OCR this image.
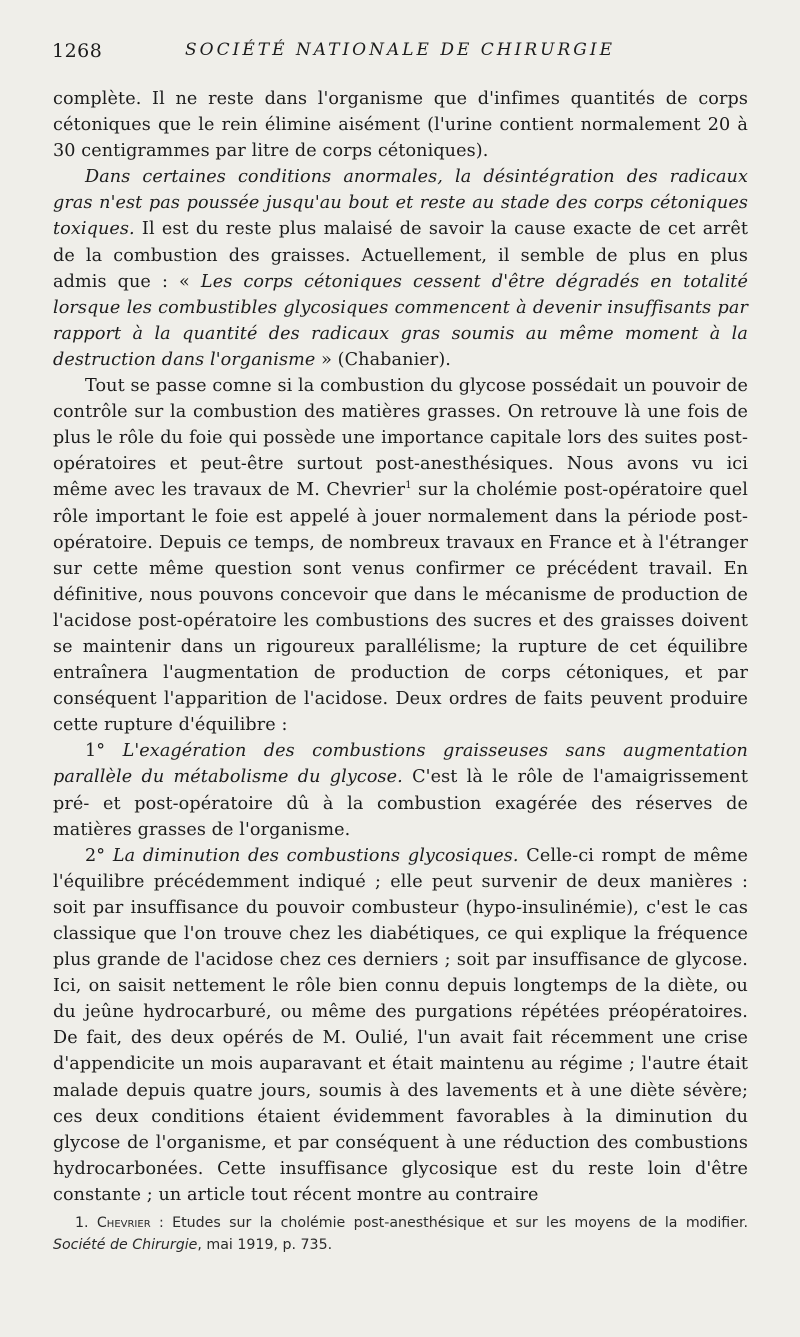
1268	SOCIÉTÉ NATIONALE DE CHIRURGIE

complète. Il ne reste dans l'organisme que d'infimes quantités de corps cétoniques que le rein élimine aisément (l'urine contient normalement 20 à 30 centigrammes par litre de corps cétoniques).

Dans certaines conditions anormales, la désintégration des radicaux gras n'est pas poussée jusqu'au bout et reste au stade des corps cétoniques toxiques. Il est du reste plus malaisé de savoir la cause exacte de cet arrêt de la combustion des graisses. Actuellement, il semble de plus en plus admis que : « Les corps cétoniques cessent d'être dégradés en totalité lorsque les combustibles glycosiques commencent à devenir insuffisants par rapport à la quantité des radicaux gras soumis au même moment à la destruction dans l'organisme » (Chabanier).

Tout se passe comne si la combustion du glycose possédait un pouvoir de contrôle sur la combustion des matières grasses. On retrouve là une fois de plus le rôle du foie qui possède une importance capitale lors des suites post-opératoires et peut-être surtout post-anesthésiques. Nous avons vu ici même avec les travaux de M. Chevrier$^1$ sur la cholémie post-opératoire quel rôle important le foie est appelé à jouer normalement dans la période post-opératoire. Depuis ce temps, de nombreux travaux en France et à l'étranger sur cette même question sont venus confirmer ce précédent travail. En définitive, nous pouvons concevoir que dans le mécanisme de production de l'acidose post-opératoire les combustions des sucres et des graisses doivent se maintenir dans un rigoureux parallélisme; la rupture de cet équilibre entraînera l'augmentation de production de corps cétoniques, et par conséquent l'apparition de l'acidose. Deux ordres de faits peuvent produire cette rupture d'équilibre :

1° L'exagération des combustions graisseuses sans augmentation parallèle du métabolisme du glycose. C'est là le rôle de l'amaigrissement pré- et post-opératoire dû à la combustion exagérée des réserves de matières grasses de l'organisme.

2° La diminution des combustions glycosiques. Celle-ci rompt de même l'équilibre précédemment indiqué ; elle peut survenir de deux manières : soit par insuffisance du pouvoir combusteur (hypo-insulinémie), c'est le cas classique que l'on trouve chez les diabétiques, ce qui explique la fréquence plus grande de l'acidose chez ces derniers ; soit par insuffisance de glycose. Ici, on saisit nettement le rôle bien connu depuis longtemps de la diète, ou du jeûne hydrocarburé, ou même des purgations répétées préopératoires. De fait, des deux opérés de M. Oulié, l'un avait fait récemment une crise d'appendicite un mois auparavant et était maintenu au régime ; l'autre était malade depuis quatre jours, soumis à des lavements et à une diète sévère; ces deux conditions étaient évidemment favorables à la diminution du glycose de l'organisme, et par conséquent à une réduction des combustions hydrocarbonées. Cette insuffisance glycosique est du reste loin d'être constante ; un article tout récent montre au contraire

1. Chevrier : Etudes sur la cholémie post-anesthésique et sur les moyens de la modifier. Société de Chirurgie, mai 1919, p. 735.
